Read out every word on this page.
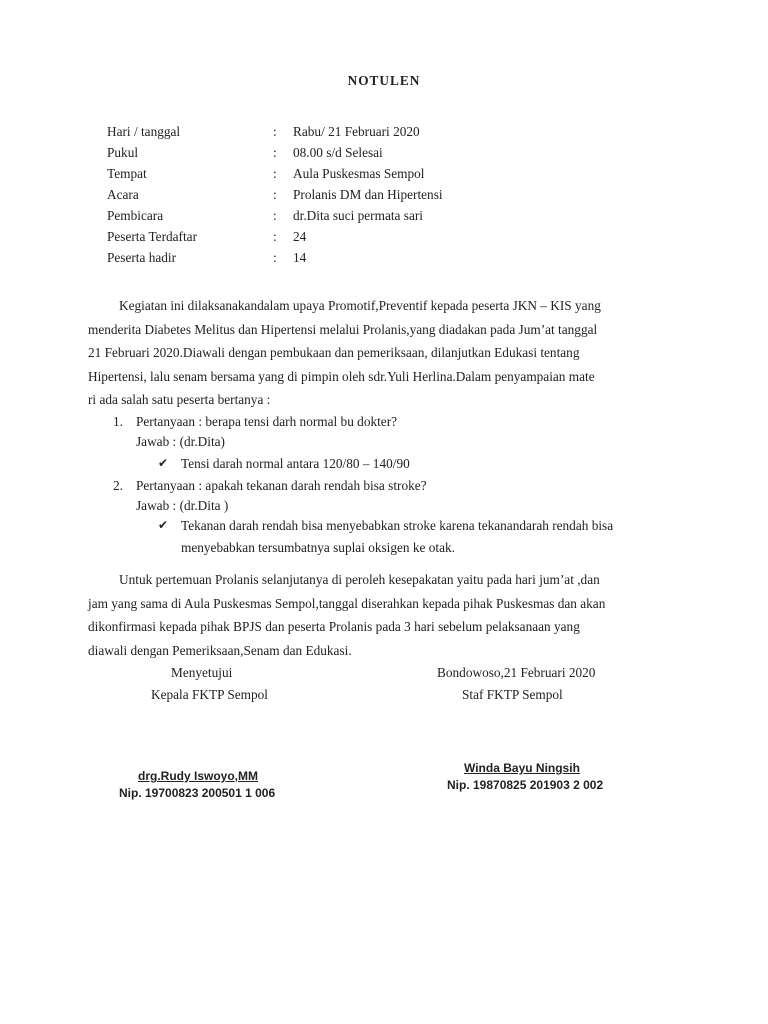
NOTULEN
Hari / tanggal	: Rabu/ 21 Februari 2020
Pukul	: 08.00 s/d Selesai
Tempat	: Aula Puskesmas Sempol
Acara	: Prolanis DM dan Hipertensi
Pembicara	: dr.Dita suci permata sari
Peserta Terdaftar	: 24
Peserta hadir	: 14
Kegiatan ini dilaksanakandalam upaya Promotif,Preventif kepada peserta JKN – KIS yang
menderita Diabetes Melitus dan Hipertensi melalui Prolanis,yang diadakan pada Jum’at tanggal
21 Februari 2020.Diawali dengan pembukaan dan pemeriksaan, dilanjutkan Edukasi tentang
Hipertensi, lalu senam bersama yang di pimpin oleh sdr.Yuli Herlina.Dalam penyampaian mate
ri ada salah satu peserta bertanya :
1. Pertanyaan : berapa tensi darh normal bu dokter?
Jawab : (dr.Dita)
✔ Tensi darah normal antara 120/80 – 140/90
2. Pertanyaan : apakah tekanan darah rendah bisa stroke?
Jawab : (dr.Dita )
✔ Tekanan darah rendah bisa menyebabkan stroke karena tekanandarah rendah bisa
menyebabkan tersumbatnya suplai oksigen ke otak.
Untuk pertemuan Prolanis selanjutanya di peroleh kesepakatan yaitu pada hari jum’at ,dan
jam yang sama di Aula Puskesmas Sempol,tanggal diserahkan kepada pihak Puskesmas dan akan
dikonfirmasi kepada pihak BPJS dan peserta Prolanis pada 3 hari sebelum pelaksanaan yang
diawali dengan Pemeriksaan,Senam dan Edukasi.
Menyetujui
Kepala FKTP Sempol
drg.Rudy Iswoyo,MM
Nip. 19700823 200501 1 006
Bondowoso,21 Februari 2020
Staf FKTP Sempol
Winda Bayu Ningsih
Nip. 19870825 201903 2 002
